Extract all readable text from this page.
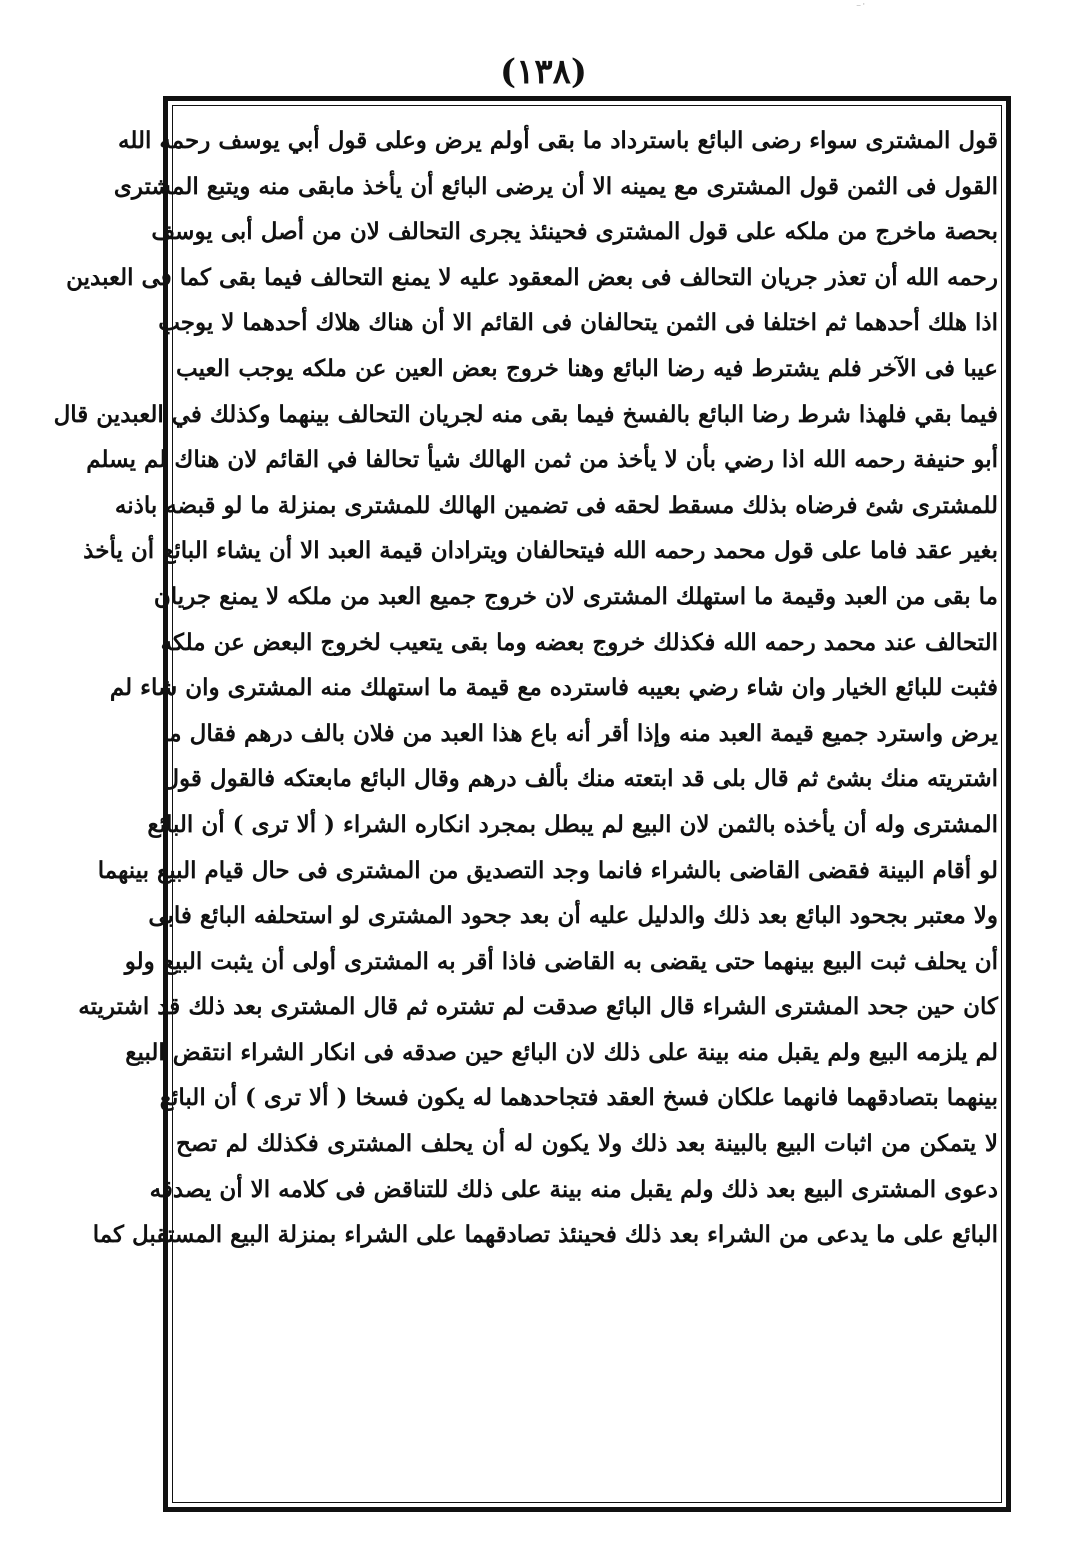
⁻˙
(١٣٨)
قول المشترى سواء رضى البائع باسترداد ما بقى أولم يرض وعلى قول أبي يوسف رحمه الله
القول فى الثمن قول المشترى مع يمينه الا أن يرضى البائع أن يأخذ مابقى منه ويتبع المشترى
بحصة ماخرج من ملكه على قول المشترى فحينئذ يجرى التحالف لان من أصل أبى يوسف
رحمه الله أن تعذر جريان التحالف فى بعض المعقود عليه لا يمنع التحالف فيما بقى كما فى العبدين
اذا هلك أحدهما ثم اختلفا فى الثمن يتحالفان فى القائم الا أن هناك هلاك أحدهما لا يوجب
عيبا فى الآخر فلم يشترط فيه رضا البائع وهنا خروج بعض العين عن ملكه يوجب العيب
فيما بقي فلهذا شرط رضا البائع بالفسخ فيما بقى منه لجريان التحالف بينهما وكذلك في العبدين قال
أبو حنيفة رحمه الله اذا رضي بأن لا يأخذ من ثمن الهالك شيأ تحالفا في القائم لان هناك لم يسلم
للمشترى شئ فرضاه بذلك مسقط لحقه فى تضمين الهالك للمشترى بمنزلة ما لو قبضه باذنه
بغير عقد فاما على قول محمد رحمه الله فيتحالفان ويترادان قيمة العبد الا أن يشاء البائع أن يأخذ
ما بقى من العبد وقيمة ما استهلك المشترى لان خروج جميع العبد من ملكه لا يمنع جريان
التحالف عند محمد رحمه الله فكذلك خروج بعضه وما بقى يتعيب لخروج البعض عن ملكه
فثبت للبائع الخيار وان شاء رضي بعيبه فاسترده مع قيمة ما استهلك منه المشترى وان شاء لم
يرض واسترد جميع قيمة العبد منه وإذا أقر أنه باع هذا العبد من فلان بالف درهم فقال ما
اشتريته منك بشئ ثم قال بلى قد ابتعته منك بألف درهم وقال البائع مابعتكه فالقول قول
المشترى وله أن يأخذه بالثمن لان البيع لم يبطل بمجرد انكاره الشراء ( ألا ترى ) أن البائع
لو أقام البينة فقضى القاضى بالشراء فانما وجد التصديق من المشترى فى حال قيام البيع بينهما
ولا معتبر بجحود البائع بعد ذلك والدليل عليه أن بعد جحود المشترى لو استحلفه البائع فابى
أن يحلف ثبت البيع بينهما حتى يقضى به القاضى فاذا أقر به المشترى أولى أن يثبت البيع ولو
كان حين جحد المشترى الشراء قال البائع صدقت لم تشتره ثم قال المشترى بعد ذلك قد اشتريته
لم يلزمه البيع ولم يقبل منه بينة على ذلك لان البائع حين صدقه فى انكار الشراء انتقض البيع
بينهما بتصادقهما فانهما علكان فسخ العقد فتجاحدهما له يكون فسخا ( ألا ترى ) أن البائع
لا يتمكن من اثبات البيع بالبينة بعد ذلك ولا يكون له أن يحلف المشترى فكذلك لم تصح
دعوى المشترى البيع بعد ذلك ولم يقبل منه بينة على ذلك للتناقض فى كلامه الا أن يصدقه
البائع على ما يدعى من الشراء بعد ذلك فحينئذ تصادقهما على الشراء بمنزلة البيع المستقبل كما
